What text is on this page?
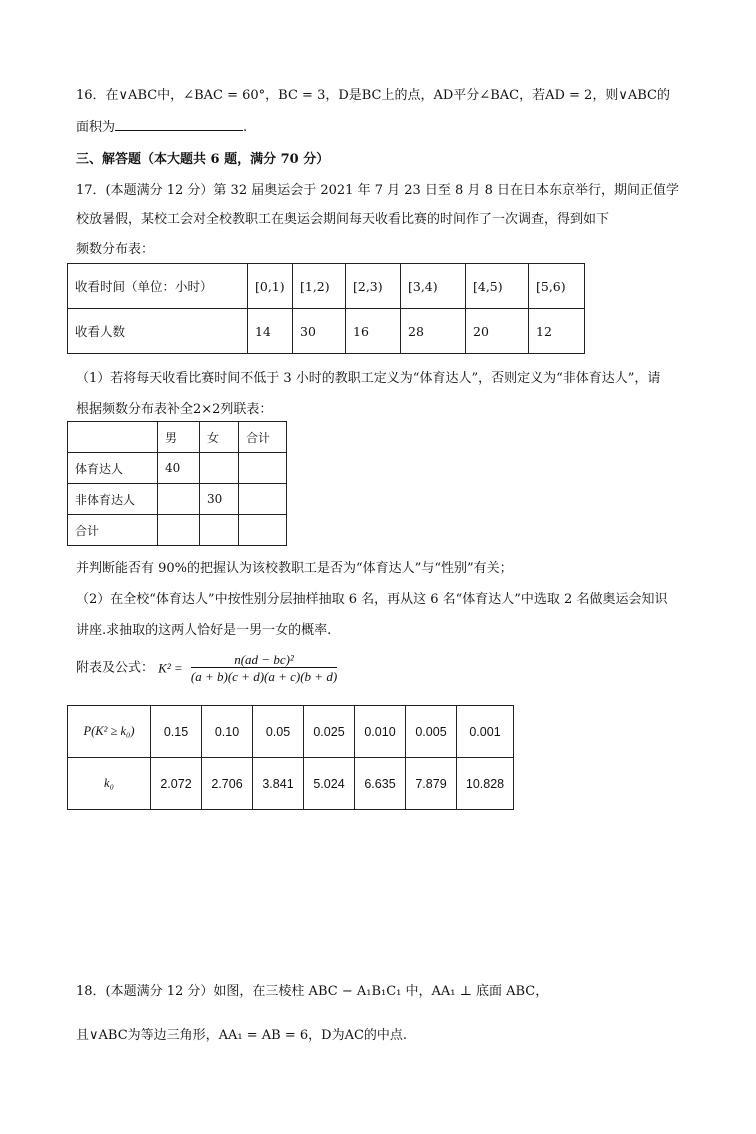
16．在∨ABC中，∠BAC = 60°，BC = 3，D是BC上的点，AD平分∠BAC，若AD = 2，则∨ABC的
面积为	.
三、解答题（本大题共 6 题，满分 70 分）
17．(本题满分 12 分）第 32 届奥运会于 2021 年 7 月 23 日至 8 月 8 日在日本东京举行，期间正值学
校放暑假，某校工会对全校教职工在奥运会期间每天收看比赛的时间作了一次调查，得到如下
频数分布表：
收看时间（单位：小时）	[0,1)	[1,2)	[2,3)	[3,4)	[4,5)	[5,6)
收看人数	14	30	16	28	20	12
（1）若将每天收看比赛时间不低于 3 小时的教职工定义为“体育达人”，否则定义为“非体育达人”，请
根据频数分布表补全2×2列联表：
	男	女	合计
体育达人	40		
非体育达人		30	
合计			
并判断能否有 90%的把握认为该校教职工是否为“体育达人”与“性别”有关；
（2）在全校“体育达人”中按性别分层抽样抽取 6 名，再从这 6 名“体育达人”中选取 2 名做奥运会知识
讲座.求抽取的这两人恰好是一男一女的概率.
附表及公式： $K^2 = \frac{\text{n(ad − bc)²}}{(a + b)(c + d)(a + c)(b + d)}$
P(K² ≥ k₀)	0.15	0.10	0.05	0.025	0.010	0.005	0.001
k₀	2.072	2.706	3.841	5.024	6.635	7.879	10.828
18．(本题满分 12 分）如图，在三棱柱 ABC − A₁B₁C₁ 中，AA₁ ⊥ 底面 ABC，
且∨ABC为等边三角形，AA₁ = AB = 6，D为AC的中点.
